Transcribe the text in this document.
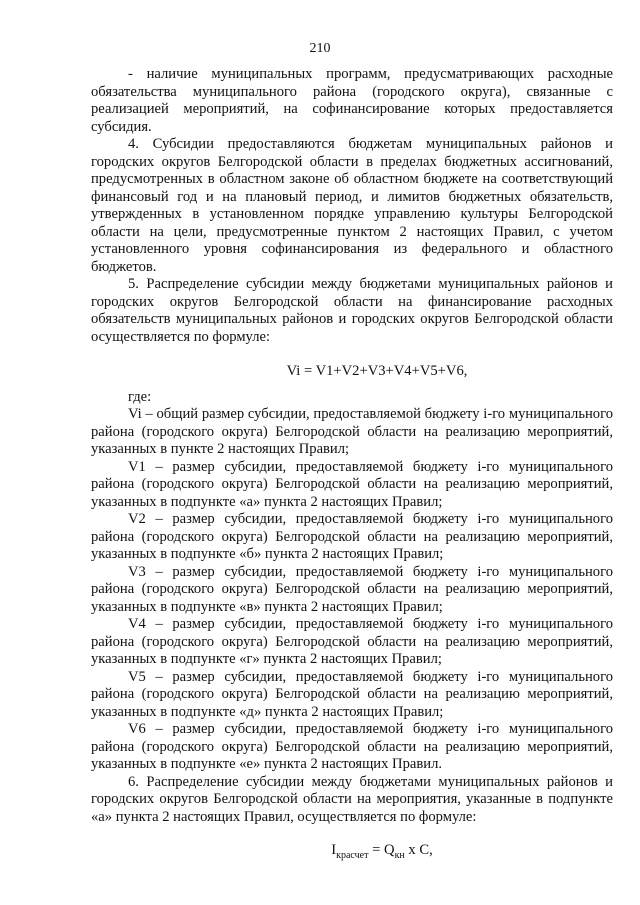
210

- наличие муниципальных программ, предусматривающих расходные обязательства муниципального района (городского округа), связанные с реализацией мероприятий, на софинансирование которых предоставляется субсидия.

4. Субсидии предоставляются бюджетам муниципальных районов и городских округов Белгородской области в пределах бюджетных ассигнований, предусмотренных в областном законе об областном бюджете на соответствующий финансовый год и на плановый период, и лимитов бюджетных обязательств, утвержденных в установленном порядке управлению культуры Белгородской области на цели, предусмотренные пунктом 2 настоящих Правил, с учетом установленного уровня софинансирования из федерального и областного бюджетов.

5. Распределение субсидии между бюджетами муниципальных районов и городских округов Белгородской области на финансирование расходных обязательств муниципальных районов и городских округов Белгородской области осуществляется по формуле:

Vi = V1+V2+V3+V4+V5+V6,

где:

Vi – общий размер субсидии, предоставляемой бюджету i-го муниципального района (городского округа) Белгородской области на реализацию мероприятий, указанных в пункте 2 настоящих Правил;

V1 – размер субсидии, предоставляемой бюджету i-го муниципального района (городского округа) Белгородской области на реализацию мероприятий, указанных в подпункте «а» пункта 2 настоящих Правил;

V2 – размер субсидии, предоставляемой бюджету i-го муниципального района (городского округа) Белгородской области на реализацию мероприятий, указанных в подпункте «б» пункта 2 настоящих Правил;

V3 – размер субсидии, предоставляемой бюджету i-го муниципального района (городского округа) Белгородской области на реализацию мероприятий, указанных в подпункте «в» пункта 2 настоящих Правил;

V4 – размер субсидии, предоставляемой бюджету i-го муниципального района (городского округа) Белгородской области на реализацию мероприятий, указанных в подпункте «г» пункта 2 настоящих Правил;

V5 – размер субсидии, предоставляемой бюджету i-го муниципального района (городского округа) Белгородской области на реализацию мероприятий, указанных в подпункте «д» пункта 2 настоящих Правил;

V6 – размер субсидии, предоставляемой бюджету i-го муниципального района (городского округа) Белгородской области на реализацию мероприятий, указанных в подпункте «е» пункта 2 настоящих Правил.

6. Распределение субсидии между бюджетами муниципальных районов и городских округов Белгородской области на мероприятия, указанные в подпункте «а» пункта 2 настоящих Правил, осуществляется по формуле:

$I_{красчет} = Q_{кн}$ х С,
